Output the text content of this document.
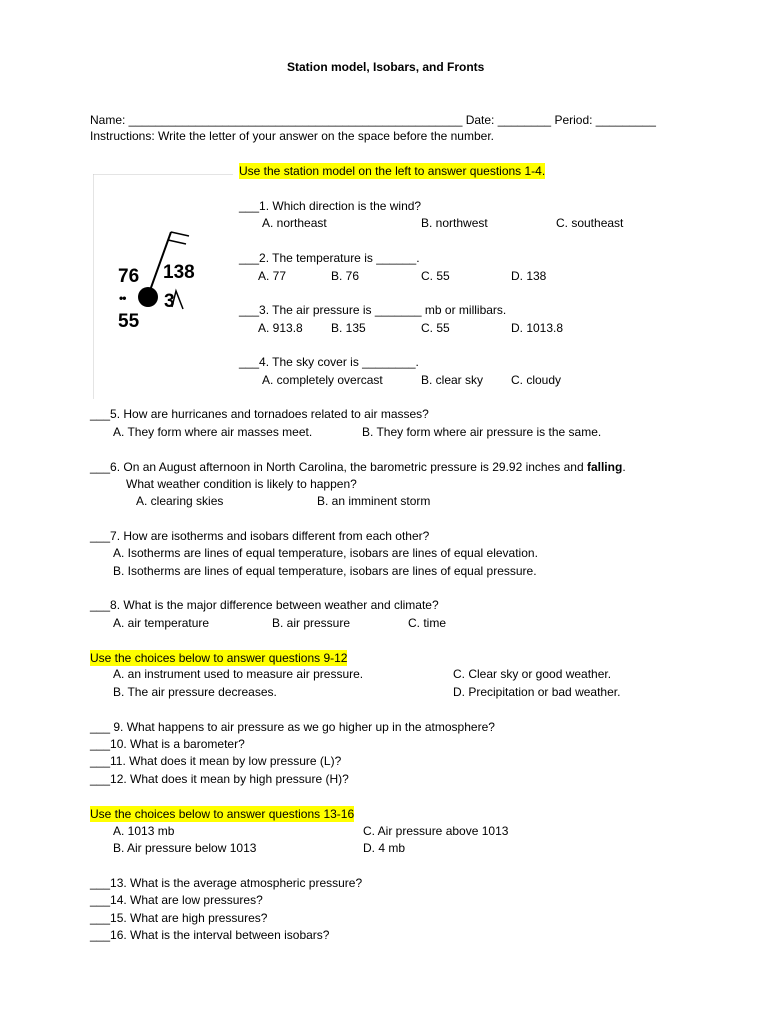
Station model, Isobars, and Fronts
Name: __________________________________________________ Date: ________ Period: _________
Instructions: Write the letter of your answer on the space before the number.
76
55
138
3
••
Use the station model on the left to answer questions 1-4.
___1. Which direction is the wind?
A. northeast	B. northwest	C. southeast
___2. The temperature is ______.
A. 77	B. 76	C. 55	D. 138
___3. The air pressure is _______ mb or millibars.
A. 913.8 B. 135	C. 55	D. 1013.8
___4. The sky cover is ________.
A. completely overcast	B. clear sky C. cloudy
___5. How are hurricanes and tornadoes related to air masses?
A. They form where air masses meet.	B. They form where air pressure is the same.
___6. On an August afternoon in North Carolina, the barometric pressure is 29.92 inches and falling.
What weather condition is likely to happen?
A. clearing skies	B. an imminent storm
___7. How are isotherms and isobars different from each other?
A. Isotherms are lines of equal temperature, isobars are lines of equal elevation.
B. Isotherms are lines of equal temperature, isobars are lines of equal pressure.
___8. What is the major difference between weather and climate?
A. air temperature	B. air pressure	C. time
Use the choices below to answer questions 9-12
A. an instrument used to measure air pressure.	C. Clear sky or good weather.
B. The air pressure decreases.	D. Precipitation or bad weather.
___ 9. What happens to air pressure as we go higher up in the atmosphere?
___10. What is a barometer?
___11. What does it mean by low pressure (L)?
___12. What does it mean by high pressure (H)?
Use the choices below to answer questions 13-16
A. 1013 mb	C. Air pressure above 1013
B. Air pressure below 1013	D. 4 mb
___13. What is the average atmospheric pressure?
___14. What are low pressures?
___15. What are high pressures?
___16. What is the interval between isobars?
